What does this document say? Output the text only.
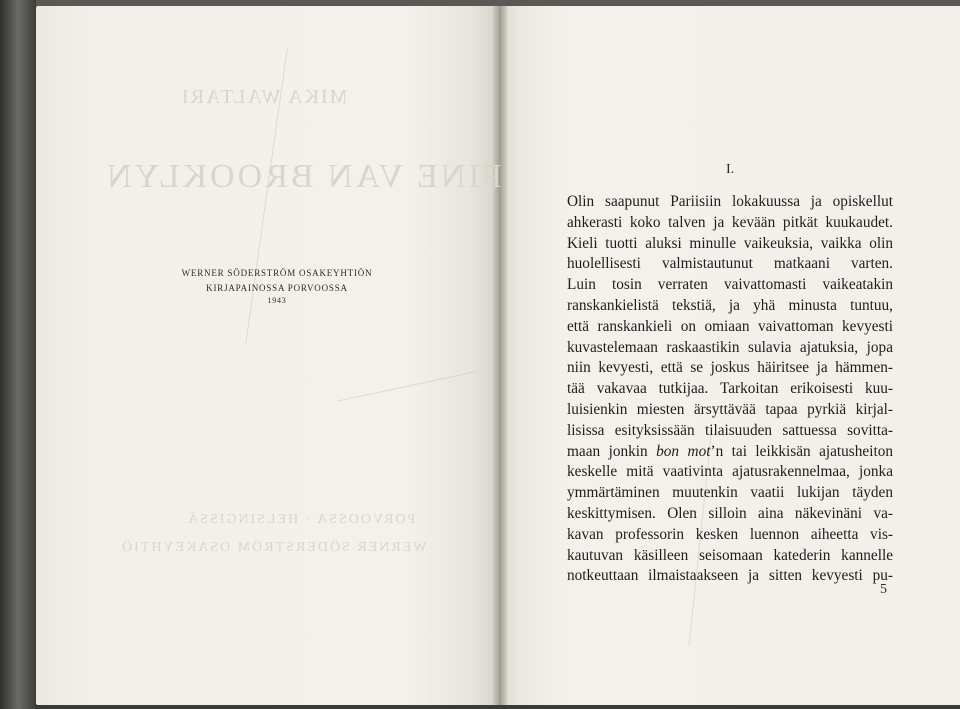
MIKA WALTARI
FINE VAN BROOKLYN
PORVOOSSA · HELSINGISSÄ
WERNER SÖDERSTRÖM OSAKEYHTIÖ
WERNER SÖDERSTRÖM OSAKEYHTIÖN
KIRJAPAINOSSA PORVOOSSA
1943
I.
Olin saapunut Pariisiin lokakuussa ja opiskellut
ahkerasti koko talven ja kevään pitkät kuukaudet.
Kieli tuotti aluksi minulle vaikeuksia, vaikka olin
huolellisesti valmistautunut matkaani varten.
Luin tosin verraten vaivattomasti vaikeatakin
ranskankielistä tekstiä, ja yhä minusta tuntuu,
että ranskankieli on omiaan vaivattoman kevyesti
kuvastelemaan raskaastikin sulavia ajatuksia, jopa
niin kevyesti, että se joskus häiritsee ja hämmen-
tää vakavaa tutkijaa. Tarkoitan erikoisesti kuu-
luisienkin miesten ärsyttävää tapaa pyrkiä kirjal-
lisissa esityksissään tilaisuuden sattuessa sovitta-
maan jonkin bon mot’n tai leikkisän ajatusheiton
keskelle mitä vaativinta ajatusrakennelmaa, jonka
ymmärtäminen muutenkin vaatii lukijan täyden
keskittymisen. Olen silloin aina näkevinäni va-
kavan professorin kesken luennon aiheetta vis-
kautuvan käsilleen seisomaan katederin kannelle
notkeuttaan ilmaistaakseen ja sitten kevyesti pu-
5
